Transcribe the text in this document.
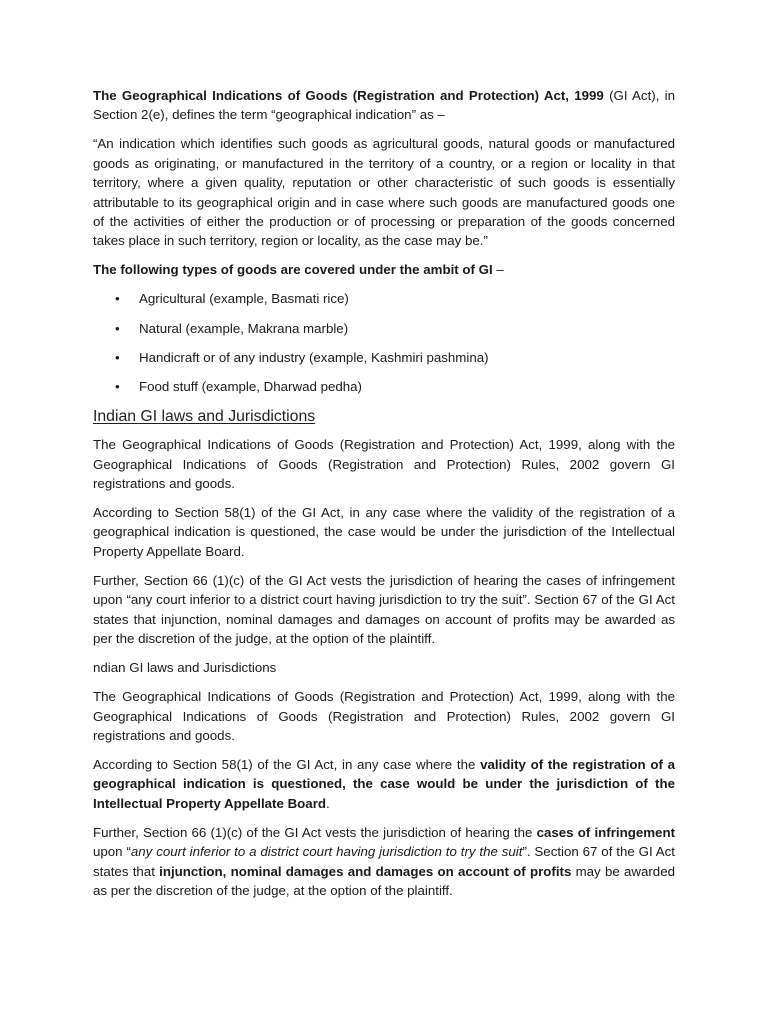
The Geographical Indications of Goods (Registration and Protection) Act, 1999 (GI Act), in Section 2(e), defines the term “geographical indication” as –

“An indication which identifies such goods as agricultural goods, natural goods or manufactured goods as originating, or manufactured in the territory of a country, or a region or locality in that territory, where a given quality, reputation or other characteristic of such goods is essentially attributable to its geographical origin and in case where such goods are manufactured goods one of the activities of either the production or of processing or preparation of the goods concerned takes place in such territory, region or locality, as the case may be.”

The following types of goods are covered under the ambit of GI –

• Agricultural (example, Basmati rice)
• Natural (example, Makrana marble)
• Handicraft or of any industry (example, Kashmiri pashmina)
• Food stuff (example, Dharwad pedha)
Indian GI laws and Jurisdictions

The Geographical Indications of Goods (Registration and Protection) Act, 1999, along with the Geographical Indications of Goods (Registration and Protection) Rules, 2002 govern GI registrations and goods.

According to Section 58(1) of the GI Act, in any case where the validity of the registration of a geographical indication is questioned, the case would be under the jurisdiction of the Intellectual Property Appellate Board.

Further, Section 66 (1)(c) of the GI Act vests the jurisdiction of hearing the cases of infringement upon “any court inferior to a district court having jurisdiction to try the suit”. Section 67 of the GI Act states that injunction, nominal damages and damages on account of profits may be awarded as per the discretion of the judge, at the option of the plaintiff.

ndian GI laws and Jurisdictions

The Geographical Indications of Goods (Registration and Protection) Act, 1999, along with the Geographical Indications of Goods (Registration and Protection) Rules, 2002 govern GI registrations and goods.

According to Section 58(1) of the GI Act, in any case where the validity of the registration of a geographical indication is questioned, the case would be under the jurisdiction of the Intellectual Property Appellate Board.

Further, Section 66 (1)(c) of the GI Act vests the jurisdiction of hearing the cases of infringement upon “any court inferior to a district court having jurisdiction to try the suit”. Section 67 of the GI Act states that injunction, nominal damages and damages on account of profits may be awarded as per the discretion of the judge, at the option of the plaintiff.
